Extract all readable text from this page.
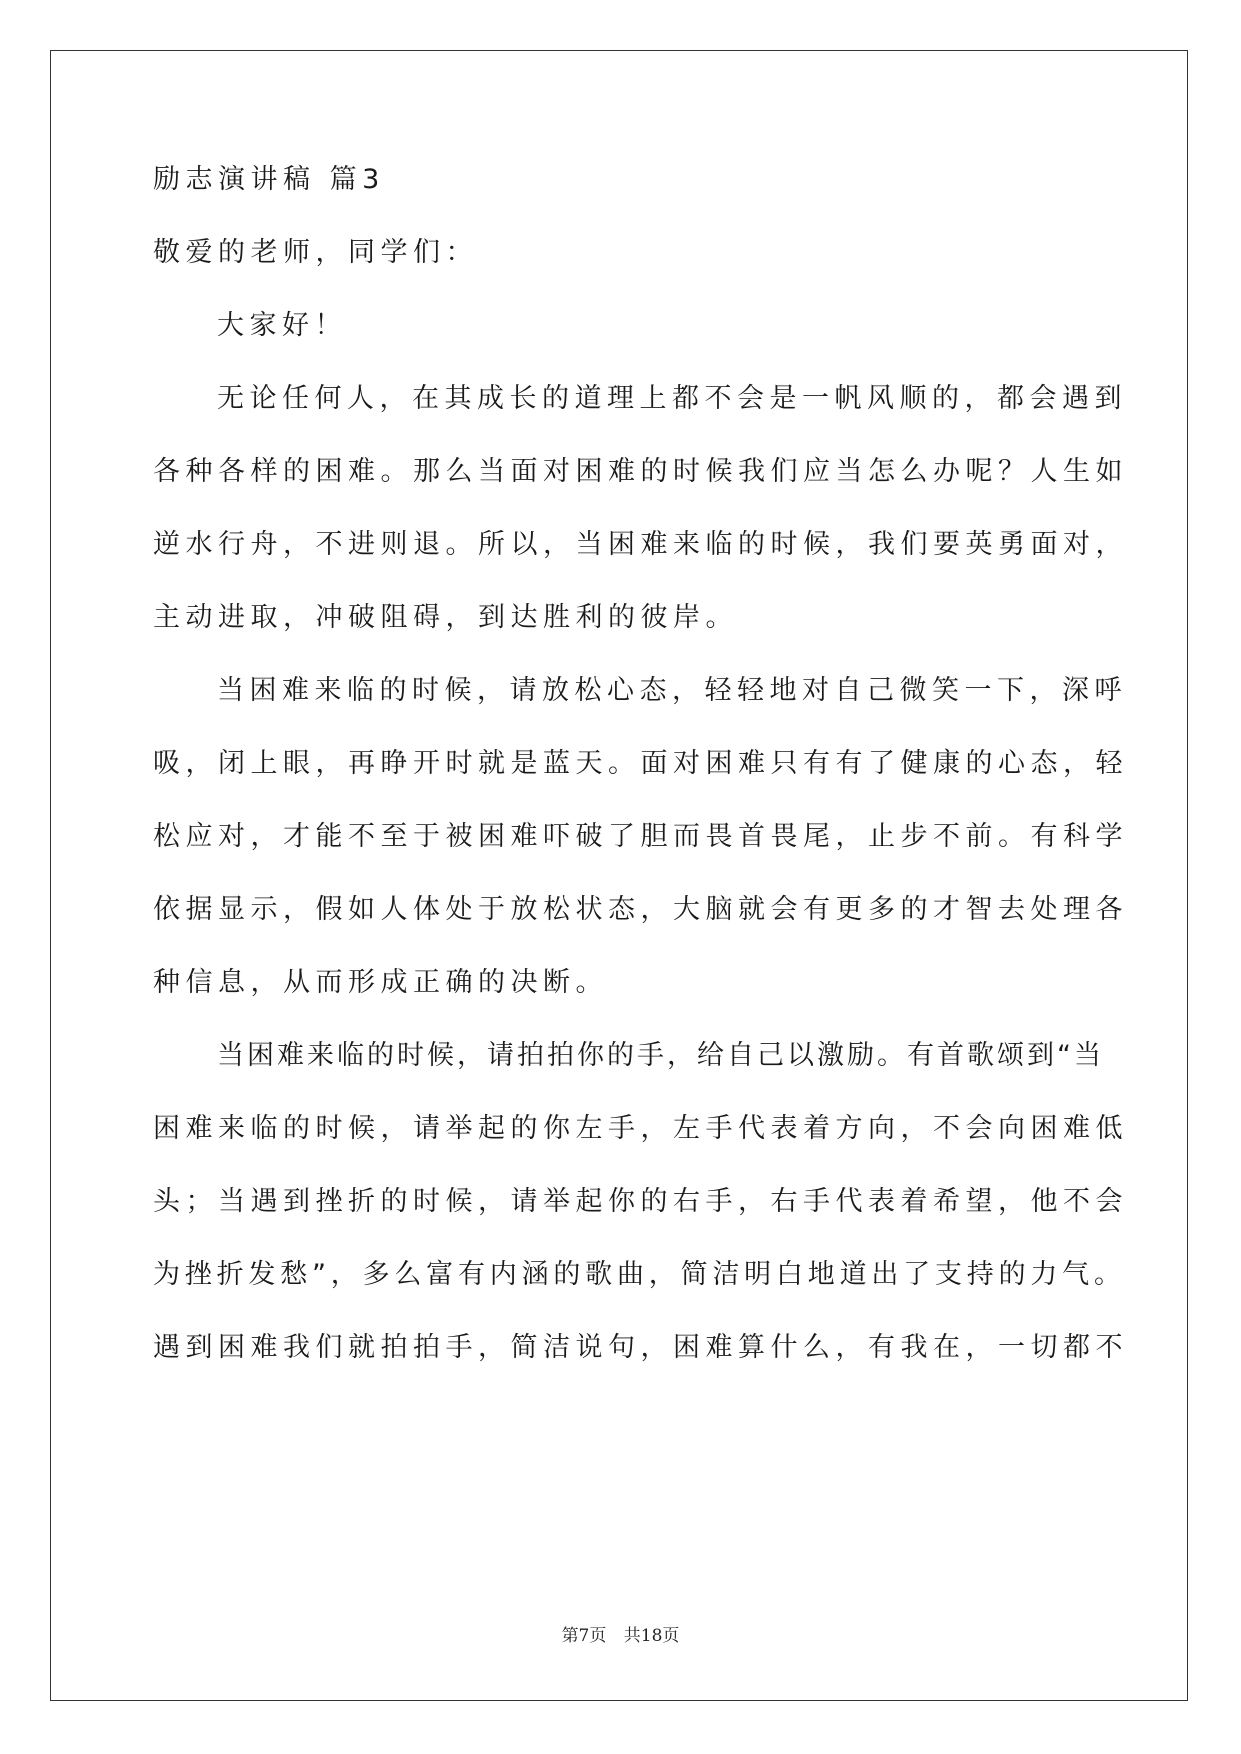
励志演讲稿 篇3
敬爱的老师，同学们：
大家好！
无论任何人，在其成长的道理上都不会是一帆风顺的，都会遇到
各种各样的困难。那么当面对困难的时候我们应当怎么办呢？人生如
逆水行舟，不进则退。所以，当困难来临的时候，我们要英勇面对，
主动进取，冲破阻碍，到达胜利的彼岸。
当困难来临的时候，请放松心态，轻轻地对自己微笑一下，深呼
吸，闭上眼，再睁开时就是蓝天。面对困难只有有了健康的心态，轻
松应对，才能不至于被困难吓破了胆而畏首畏尾，止步不前。有科学
依据显示，假如人体处于放松状态，大脑就会有更多的才智去处理各
种信息，从而形成正确的决断。
当困难来临的时候，请拍拍你的手，给自己以激励。有首歌颂到“当
困难来临的时候，请举起的你左手，左手代表着方向，不会向困难低
头；当遇到挫折的时候，请举起你的右手，右手代表着希望，他不会
为挫折发愁”，多么富有内涵的歌曲，简洁明白地道出了支持的力气。
遇到困难我们就拍拍手，简洁说句，困难算什么，有我在，一切都不
第7页 共18页
